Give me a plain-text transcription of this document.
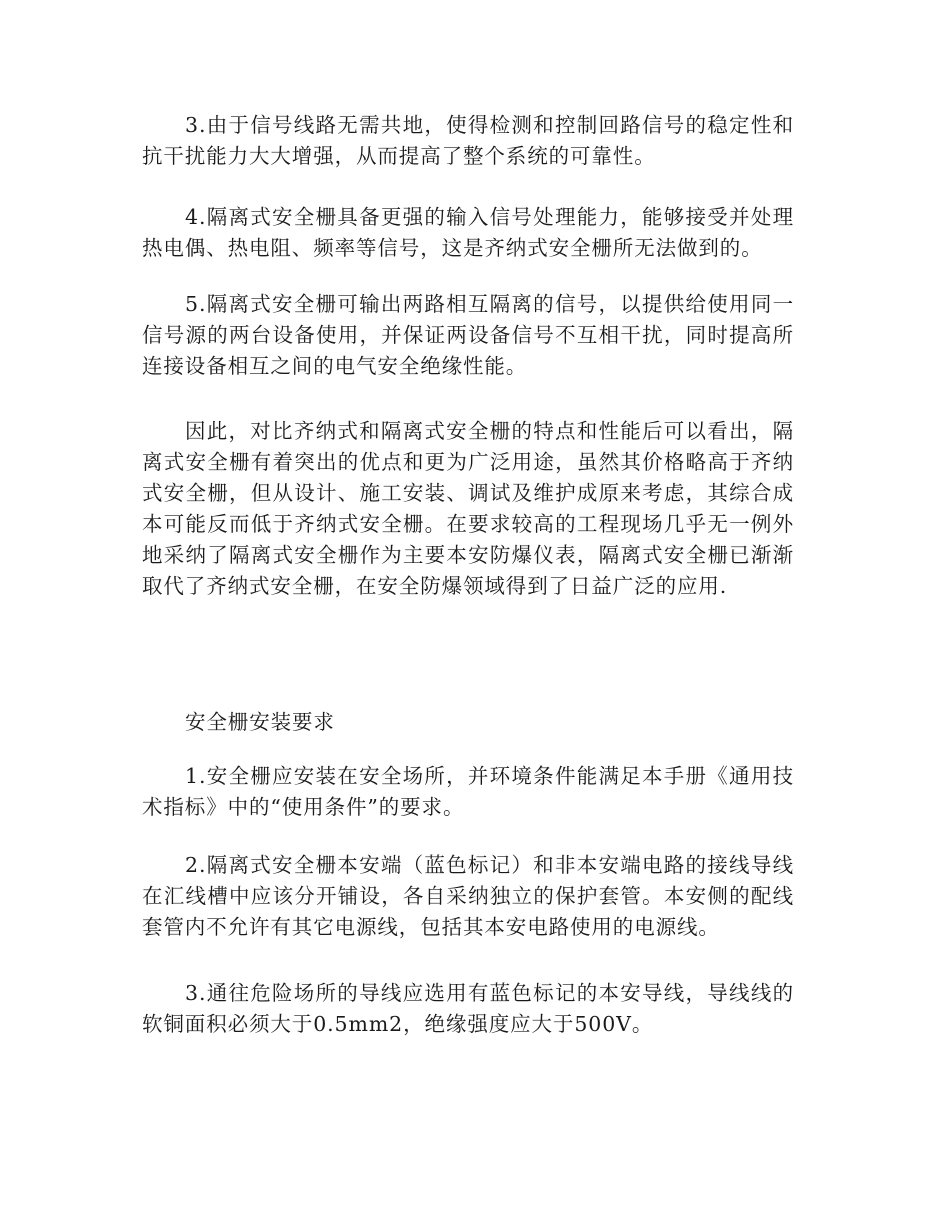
3.由于信号线路无需共地，使得检测和控制回路信号的稳定性和抗干扰能力大大增强，从而提高了整个系统的可靠性。

4.隔离式安全栅具备更强的输入信号处理能力，能够接受并处理热电偶、热电阻、频率等信号，这是齐纳式安全栅所无法做到的。

5.隔离式安全栅可输出两路相互隔离的信号，以提供给使用同一信号源的两台设备使用，并保证两设备信号不互相干扰，同时提高所连接设备相互之间的电气安全绝缘性能。

因此，对比齐纳式和隔离式安全栅的特点和性能后可以看出，隔离式安全栅有着突出的优点和更为广泛用途，虽然其价格略高于齐纳式安全栅，但从设计、施工安装、调试及维护成原来考虑，其综合成本可能反而低于齐纳式安全栅。在要求较高的工程现场几乎无一例外地采纳了隔离式安全栅作为主要本安防爆仪表，隔离式安全栅已渐渐取代了齐纳式安全栅，在安全防爆领域得到了日益广泛的应用.

安全栅安装要求

1.安全栅应安装在安全场所，并环境条件能满足本手册《通用技术指标》中的“使用条件”的要求。

2.隔离式安全栅本安端（蓝色标记）和非本安端电路的接线导线在汇线槽中应该分开铺设，各自采纳独立的保护套管。本安侧的配线套管内不允许有其它电源线，包括其本安电路使用的电源线。

3.通往危险场所的导线应选用有蓝色标记的本安导线，导线线的软铜面积必须大于0.5mm2，绝缘强度应大于500V。
